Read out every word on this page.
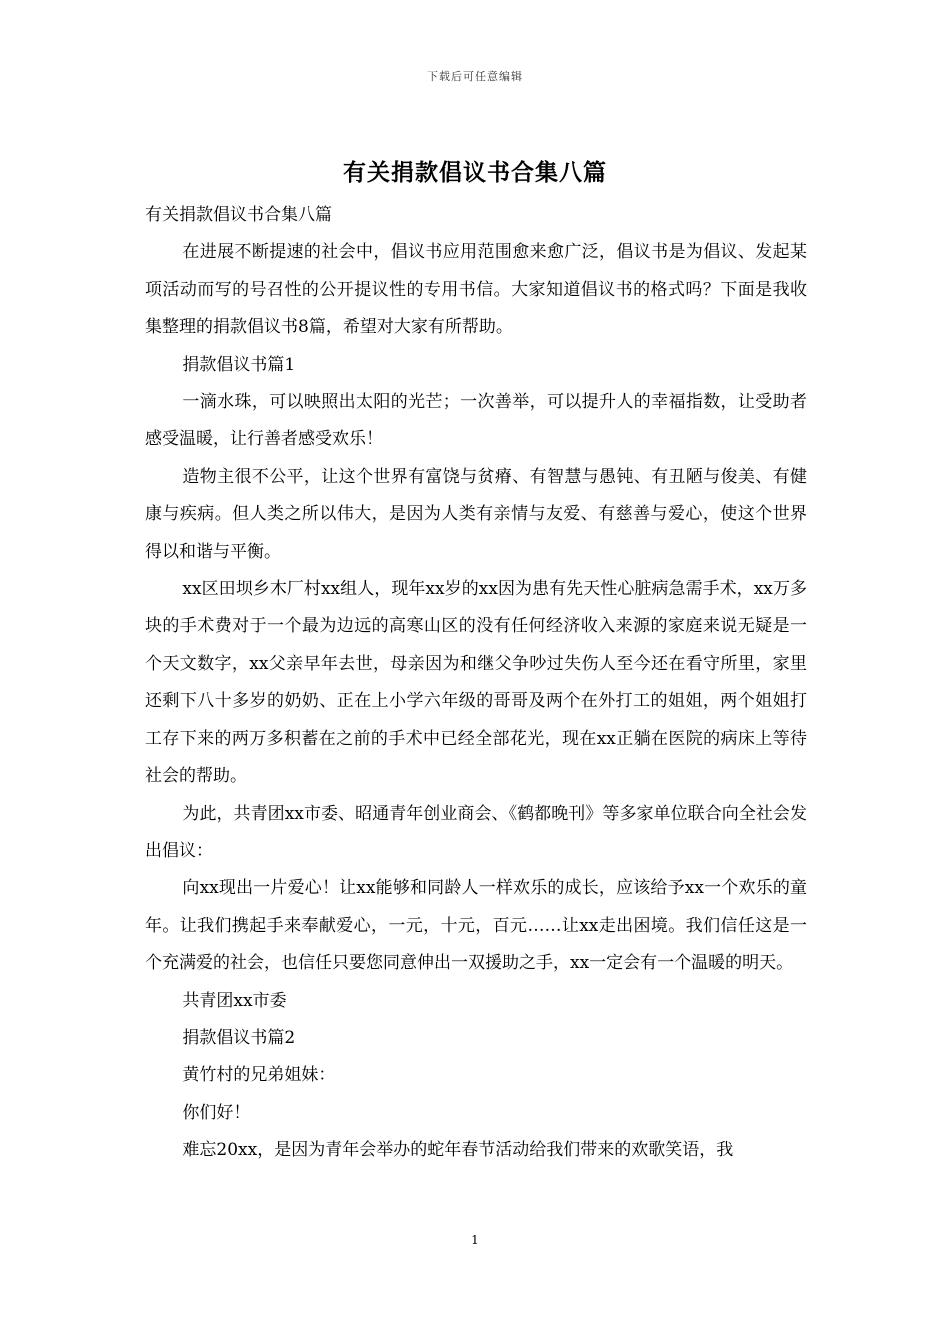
下载后可任意编辑
有关捐款倡议书合集八篇

有关捐款倡议书合集八篇

在进展不断提速的社会中，倡议书应用范围愈来愈广泛，倡议书是为倡议、发起某项活动而写的号召性的公开提议性的专用书信。大家知道倡议书的格式吗？下面是我收集整理的捐款倡议书8篇，希望对大家有所帮助。

捐款倡议书篇1

一滴水珠，可以映照出太阳的光芒；一次善举，可以提升人的幸福指数，让受助者感受温暖，让行善者感受欢乐！

造物主很不公平，让这个世界有富饶与贫瘠、有智慧与愚钝、有丑陋与俊美、有健康与疾病。但人类之所以伟大，是因为人类有亲情与友爱、有慈善与爱心，使这个世界得以和谐与平衡。

xx区田坝乡木厂村xx组人，现年xx岁的xx因为患有先天性心脏病急需手术，xx万多块的手术费对于一个最为边远的高寒山区的没有任何经济收入来源的家庭来说无疑是一个天文数字，xx父亲早年去世，母亲因为和继父争吵过失伤人至今还在看守所里，家里还剩下八十多岁的奶奶、正在上小学六年级的哥哥及两个在外打工的姐姐，两个姐姐打工存下来的两万多积蓄在之前的手术中已经全部花光，现在xx正躺在医院的病床上等待社会的帮助。

为此，共青团xx市委、昭通青年创业商会、《鹤都晚刊》等多家单位联合向全社会发出倡议：

向xx现出一片爱心！让xx能够和同龄人一样欢乐的成长，应该给予xx一个欢乐的童年。让我们携起手来奉献爱心，一元，十元，百元……让xx走出困境。我们信任这是一个充满爱的社会，也信任只要您同意伸出一双援助之手，xx一定会有一个温暖的明天。

共青团xx市委

捐款倡议书篇2

黄竹村的兄弟姐妹：

你们好！

难忘20xx，是因为青年会举办的蛇年春节活动给我们带来的欢歌笑语，我

1
